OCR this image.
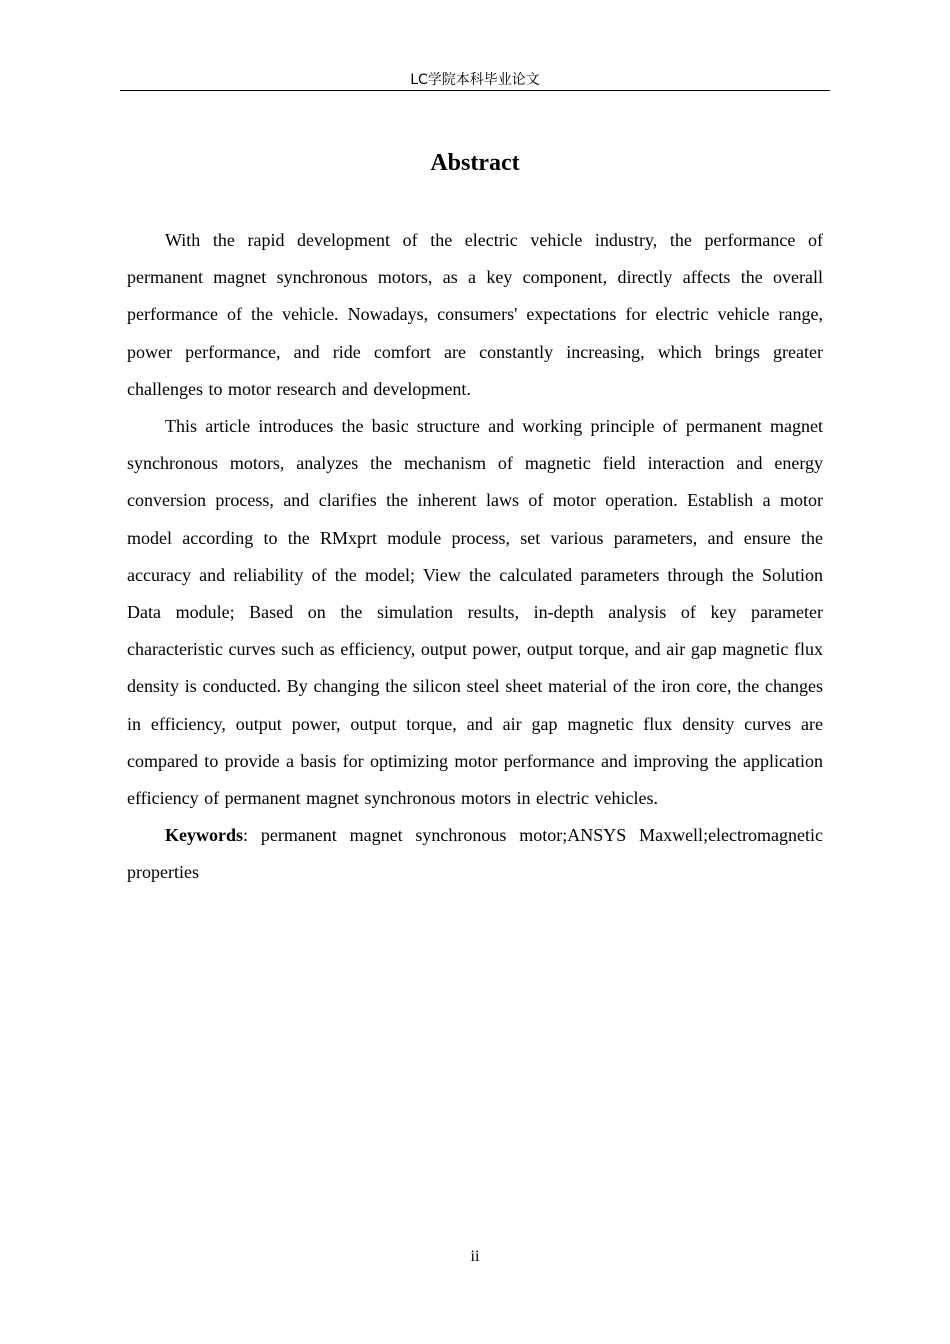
LC学院本科毕业论文
Abstract

With the rapid development of the electric vehicle industry, the performance of permanent magnet synchronous motors, as a key component, directly affects the overall performance of the vehicle. Nowadays, consumers' expectations for electric vehicle range, power performance, and ride comfort are constantly increasing, which brings greater challenges to motor research and development.

This article introduces the basic structure and working principle of permanent magnet synchronous motors, analyzes the mechanism of magnetic field interaction and energy conversion process, and clarifies the inherent laws of motor operation. Establish a motor model according to the RMxprt module process, set various parameters, and ensure the accuracy and reliability of the model; View the calculated parameters through the Solution Data module; Based on the simulation results, in-depth analysis of key parameter characteristic curves such as efficiency, output power, output torque, and air gap magnetic flux density is conducted. By changing the silicon steel sheet material of the iron core, the changes in efficiency, output power, output torque, and air gap magnetic flux density curves are compared to provide a basis for optimizing motor performance and improving the application efficiency of permanent magnet synchronous motors in electric vehicles.

Keywords: permanent magnet synchronous motor;ANSYS Maxwell;electromagnetic properties

ii
